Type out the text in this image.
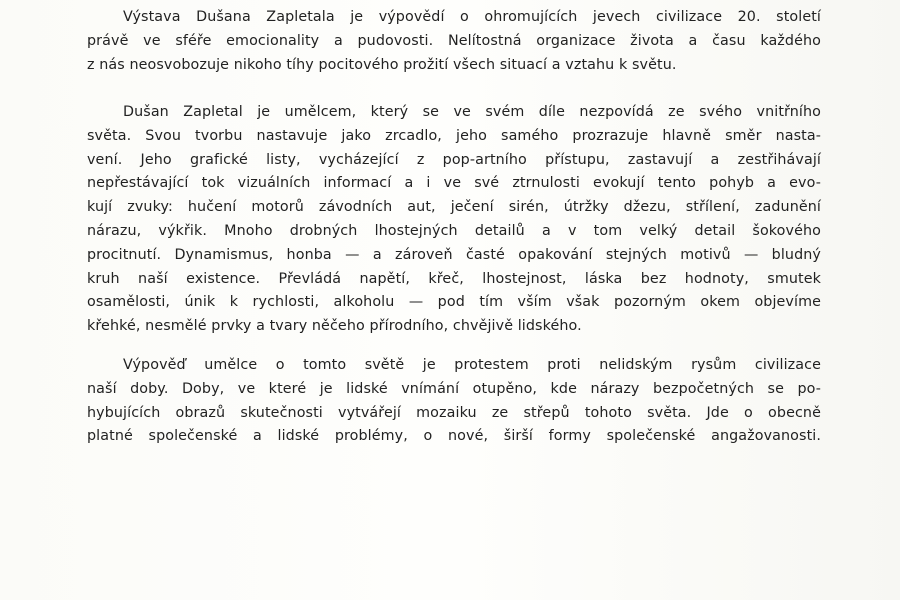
Výstava Dušana Zapletala je výpovědí o ohromujících jevech civilizace 20. století
právě ve sféře emocionality a pudovosti. Nelítostná organizace života a času každého
z nás neosvobozuje nikoho tíhy pocitového prožití všech situací a vztahu k světu.
Dušan Zapletal je umělcem, který se ve svém díle nezpovídá ze svého vnitřního
světa. Svou tvorbu nastavuje jako zrcadlo, jeho samého prozrazuje hlavně směr nasta-
vení. Jeho grafické listy, vycházející z pop-artního přístupu, zastavují a zestřihávají
nepřestávající tok vizuálních informací a i ve své ztrnulosti evokují tento pohyb a evo-
kují zvuky: hučení motorů závodních aut, ječení sirén, útržky džezu, střílení, zadunění
nárazu, výkřik. Mnoho drobných lhostejných detailů a v tom velký detail šokového
procitnutí. Dynamismus, honba — a zároveň časté opakování stejných motivů — bludný
kruh naší existence. Převládá napětí, křeč, lhostejnost, láska bez hodnoty, smutek
osamělosti, únik k rychlosti, alkoholu — pod tím vším však pozorným okem objevíme
křehké, nesmělé prvky a tvary něčeho přírodního, chvějivě lidského.
Výpověď umělce o tomto světě je protestem proti nelidským rysům civilizace
naší doby. Doby, ve které je lidské vnímání otupěno, kde nárazy bezpočetných se po-
hybujících obrazů skutečnosti vytvářejí mozaiku ze střepů tohoto světa. Jde o obecně
platné společenské a lidské problémy, o nové, širší formy společenské angažovanosti.
